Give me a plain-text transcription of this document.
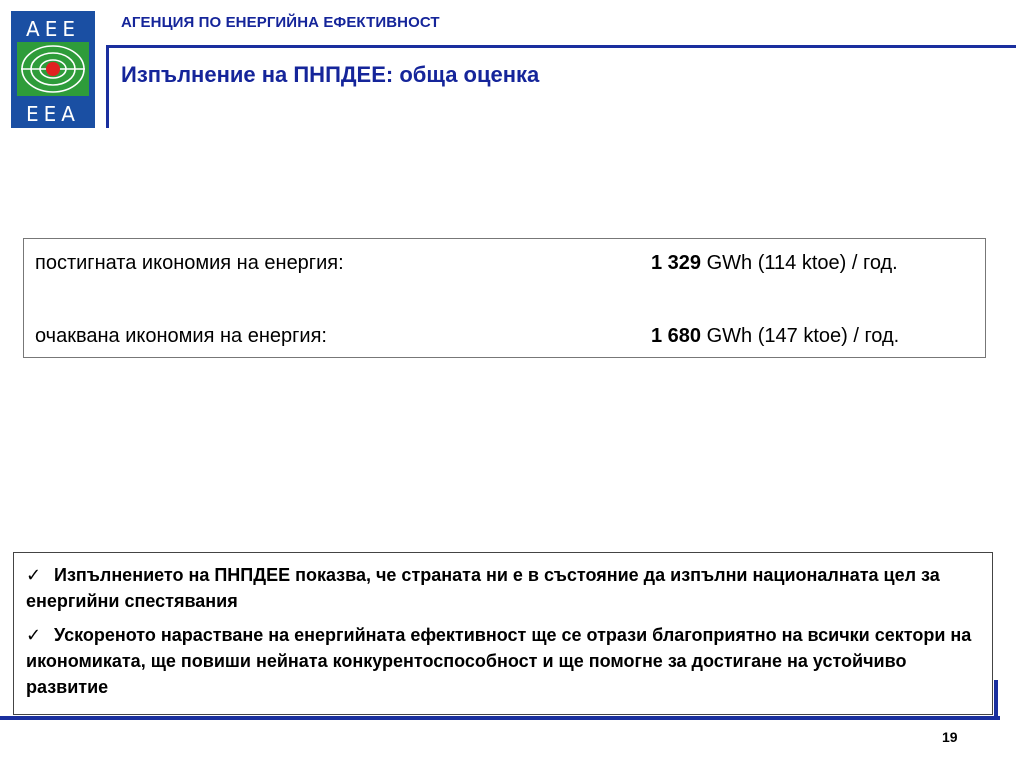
AEE
EEA
АГЕНЦИЯ ПО ЕНЕРГИЙНА ЕФЕКТИВНОСТ
Изпълнение на ПНПДЕЕ: обща оценка
постигната икономия на енергия:	1 329 GWh (114 ktoe) / год.
очаквана икономия на енергия:	1 680 GWh (147 ktoe) / год.
✓ Изпълнението на ПНПДЕЕ показва, че страната ни е в състояние да изпълни националната цел за енергийни спестявания
✓ Ускореното нарастване на енергийната ефективност ще се отрази благоприятно на всички сектори на икономиката, ще повиши нейната конкурентоспособност и ще помогне за достигане на устойчиво развитие
19
